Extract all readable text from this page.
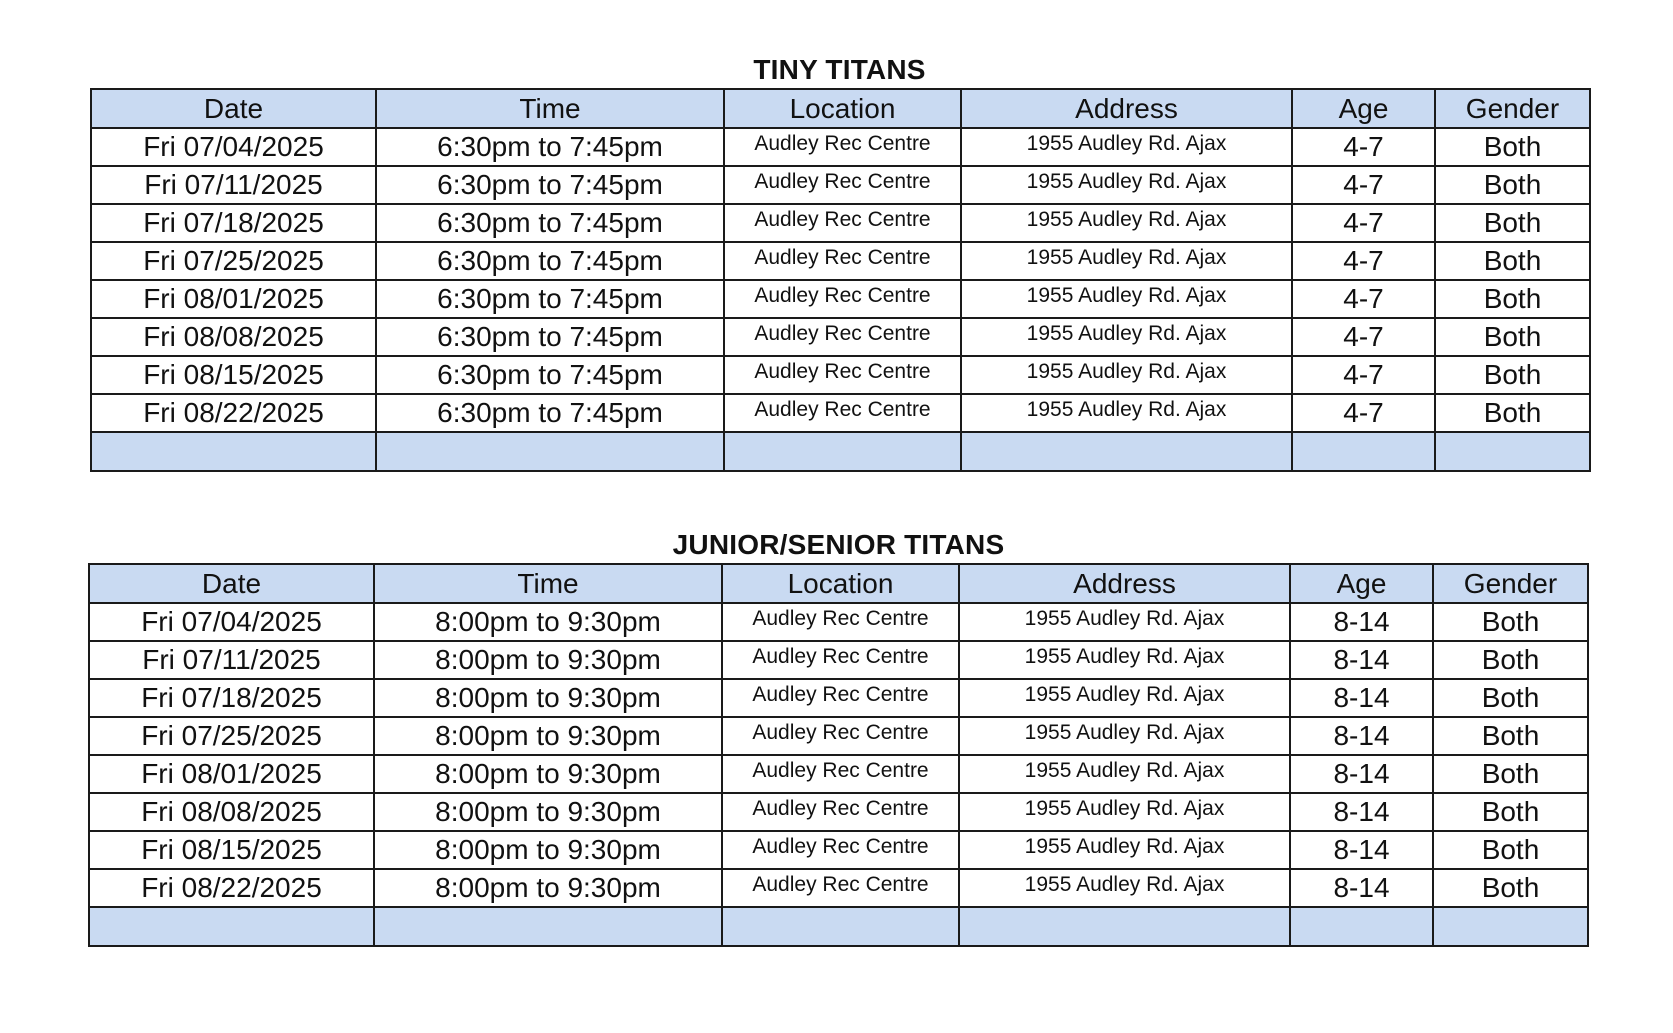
TINY TITANS
Date	Time	Location	Address	Age	Gender
Fri 07/04/2025	6:30pm to 7:45pm	Audley Rec Centre	1955 Audley Rd. Ajax	4-7	Both
Fri 07/11/2025	6:30pm to 7:45pm	Audley Rec Centre	1955 Audley Rd. Ajax	4-7	Both
Fri 07/18/2025	6:30pm to 7:45pm	Audley Rec Centre	1955 Audley Rd. Ajax	4-7	Both
Fri 07/25/2025	6:30pm to 7:45pm	Audley Rec Centre	1955 Audley Rd. Ajax	4-7	Both
Fri 08/01/2025	6:30pm to 7:45pm	Audley Rec Centre	1955 Audley Rd. Ajax	4-7	Both
Fri 08/08/2025	6:30pm to 7:45pm	Audley Rec Centre	1955 Audley Rd. Ajax	4-7	Both
Fri 08/15/2025	6:30pm to 7:45pm	Audley Rec Centre	1955 Audley Rd. Ajax	4-7	Both
Fri 08/22/2025	6:30pm to 7:45pm	Audley Rec Centre	1955 Audley Rd. Ajax	4-7	Both

JUNIOR/SENIOR TITANS
Date	Time	Location	Address	Age	Gender
Fri 07/04/2025	8:00pm to 9:30pm	Audley Rec Centre	1955 Audley Rd. Ajax	8-14	Both
Fri 07/11/2025	8:00pm to 9:30pm	Audley Rec Centre	1955 Audley Rd. Ajax	8-14	Both
Fri 07/18/2025	8:00pm to 9:30pm	Audley Rec Centre	1955 Audley Rd. Ajax	8-14	Both
Fri 07/25/2025	8:00pm to 9:30pm	Audley Rec Centre	1955 Audley Rd. Ajax	8-14	Both
Fri 08/01/2025	8:00pm to 9:30pm	Audley Rec Centre	1955 Audley Rd. Ajax	8-14	Both
Fri 08/08/2025	8:00pm to 9:30pm	Audley Rec Centre	1955 Audley Rd. Ajax	8-14	Both
Fri 08/15/2025	8:00pm to 9:30pm	Audley Rec Centre	1955 Audley Rd. Ajax	8-14	Both
Fri 08/22/2025	8:00pm to 9:30pm	Audley Rec Centre	1955 Audley Rd. Ajax	8-14	Both
